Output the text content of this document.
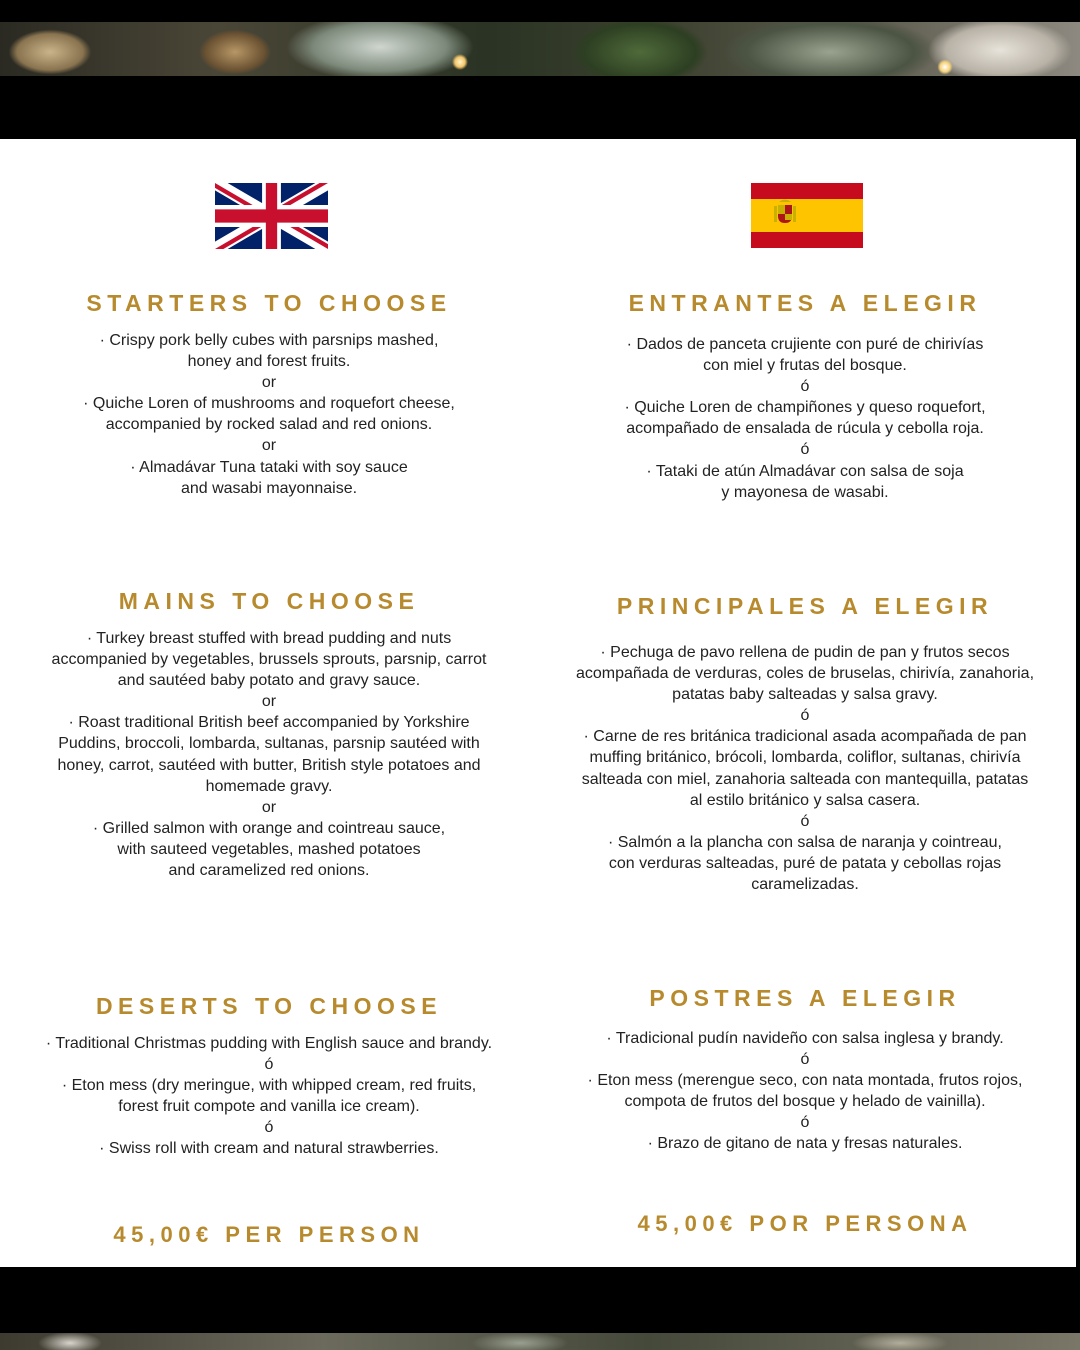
STARTERS TO CHOOSE
· Crispy pork belly cubes with parsnips mashed,
honey and forest fruits.
or
· Quiche Loren of mushrooms and roquefort cheese,
accompanied by rocked salad and red onions.
or
· Almadávar Tuna tataki with soy sauce
and wasabi mayonnaise.
ENTRANTES A ELEGIR
· Dados de panceta crujiente con puré de chirivías
con miel y frutas del bosque.
ó
· Quiche Loren de champiñones y queso roquefort,
acompañado de ensalada de rúcula y cebolla roja.
ó
· Tataki de atún Almadávar con salsa de soja
y mayonesa de wasabi.
MAINS TO CHOOSE
· Turkey breast stuffed with bread pudding and nuts
accompanied by vegetables, brussels sprouts, parsnip, carrot
and sautéed baby potato and gravy sauce.
or
· Roast traditional British beef accompanied by Yorkshire
Puddins, broccoli, lombarda, sultanas, parsnip sautéed with
honey, carrot, sautéed with butter, British style potatoes and
homemade gravy.
or
· Grilled salmon with orange and cointreau sauce,
with sauteed vegetables, mashed potatoes
and caramelized red onions.
PRINCIPALES A ELEGIR
· Pechuga de pavo rellena de pudin de pan y frutos secos
acompañada de verduras, coles de bruselas, chirivía, zanahoria,
patatas baby salteadas y salsa gravy.
ó
· Carne de res británica tradicional asada acompañada de pan
muffing británico, brócoli, lombarda, coliflor, sultanas, chirivía
salteada con miel, zanahoria salteada con mantequilla, patatas
al estilo británico y salsa casera.
ó
· Salmón a la plancha con salsa de naranja y cointreau,
con verduras salteadas, puré de patata y cebollas rojas
caramelizadas.
DESERTS TO CHOOSE
· Traditional Christmas pudding with English sauce and brandy.
ó
· Eton mess (dry meringue, with whipped cream, red fruits,
forest fruit compote and vanilla ice cream).
ó
· Swiss roll with cream and natural strawberries.
POSTRES A ELEGIR
· Tradicional pudín navideño con salsa inglesa y brandy.
ó
· Eton mess (merengue seco, con nata montada, frutos rojos,
compota de frutos del bosque y helado de vainilla).
ó
· Brazo de gitano de nata y fresas naturales.
45,00€ PER PERSON	45,00€ POR PERSONA
